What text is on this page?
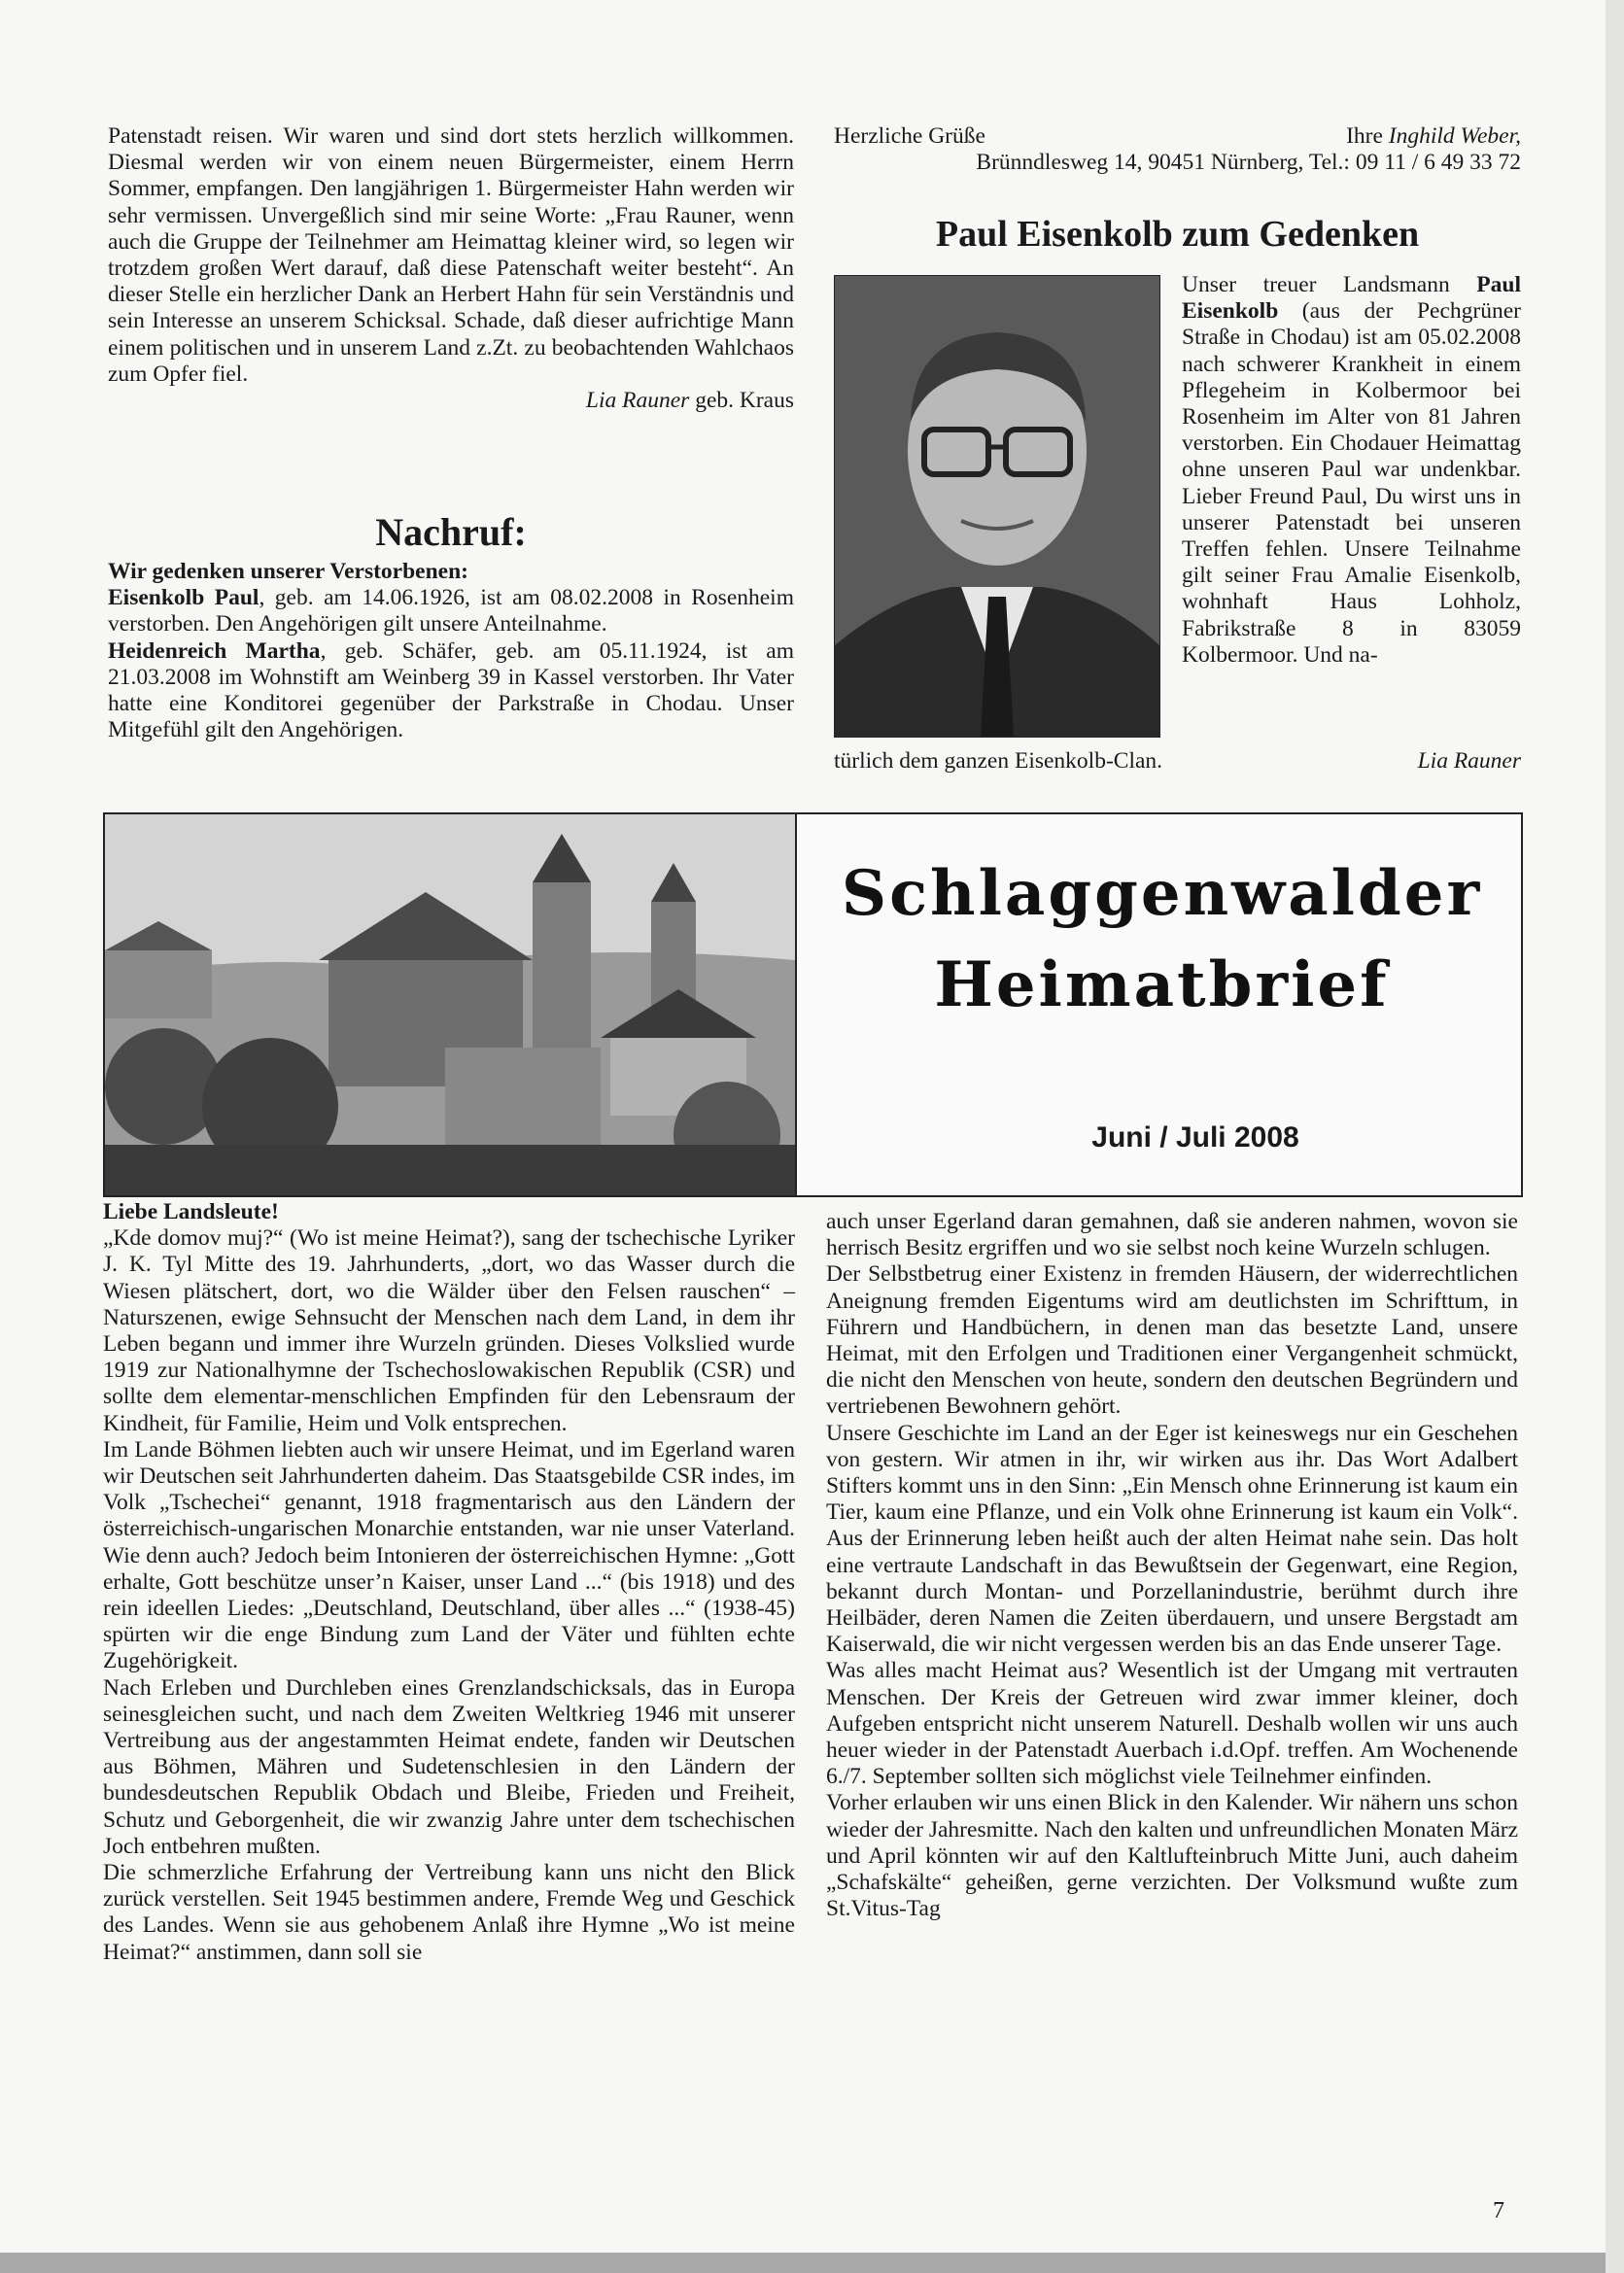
Patenstadt reisen. Wir waren und sind dort stets herzlich willkommen. Diesmal werden wir von einem neuen Bürgermeister, einem Herrn Sommer, empfangen. Den langjährigen 1. Bürgermeister Hahn werden wir sehr vermissen. Unvergeßlich sind mir seine Worte: „Frau Rauner, wenn auch die Gruppe der Teilnehmer am Heimattag kleiner wird, so legen wir trotzdem großen Wert darauf, daß diese Patenschaft weiter besteht“. An dieser Stelle ein herzlicher Dank an Herbert Hahn für sein Verständnis und sein Interesse an unserem Schicksal. Schade, daß dieser aufrichtige Mann einem politischen und in unserem Land z.Zt. zu beobachtenden Wahlchaos zum Opfer fiel.

Lia Rauner geb. Kraus

Nachruf:

Wir gedenken unserer Verstorbenen:

Eisenkolb Paul, geb. am 14.06.1926, ist am 08.02.2008 in Rosenheim verstorben. Den Angehörigen gilt unsere Anteilnahme.

Heidenreich Martha, geb. Schäfer, geb. am 05.11.1924, ist am 21.03.2008 im Wohnstift am Weinberg 39 in Kassel verstorben. Ihr Vater hatte eine Konditorei gegenüber der Parkstraße in Chodau. Unser Mitgefühl gilt den Angehörigen.

Herzliche Grüße	Ihre Inghild Weber,

Brünndlesweg 14, 90451 Nürnberg, Tel.: 09 11 / 6 49 33 72

Paul Eisenkolb zum Gedenken

Unser treuer Landsmann Paul Eisenkolb (aus der Pechgrüner Straße in Chodau) ist am 05.02.2008 nach schwerer Krankheit in einem Pflegeheim in Kolbermoor bei Rosenheim im Alter von 81 Jahren verstorben. Ein Chodauer Heimattag ohne unseren Paul war undenkbar. Lieber Freund Paul, Du wirst uns in unserer Patenstadt bei unseren Treffen fehlen. Unsere Teilnahme gilt seiner Frau Amalie Eisenkolb, wohnhaft Haus Lohholz, Fabrikstraße 8 in 83059 Kolbermoor. Und na-

türlich dem ganzen Eisenkolb-Clan.	Lia Rauner
Schlaggenwalder
Heimatbrief
Juni / Juli 2008

Liebe Landsleute!

„Kde domov muj?“ (Wo ist meine Heimat?), sang der tschechische Lyriker J. K. Tyl Mitte des 19. Jahrhunderts, „dort, wo das Wasser durch die Wiesen plätschert, dort, wo die Wälder über den Felsen rauschen“ – Naturszenen, ewige Sehnsucht der Menschen nach dem Land, in dem ihr Leben begann und immer ihre Wurzeln gründen. Dieses Volkslied wurde 1919 zur Nationalhymne der Tschechoslowakischen Republik (CSR) und sollte dem elementar-menschlichen Empfinden für den Lebensraum der Kindheit, für Familie, Heim und Volk entsprechen.

Im Lande Böhmen liebten auch wir unsere Heimat, und im Egerland waren wir Deutschen seit Jahrhunderten daheim. Das Staatsgebilde CSR indes, im Volk „Tschechei“ genannt, 1918 fragmentarisch aus den Ländern der österreichisch-ungarischen Monarchie entstanden, war nie unser Vaterland. Wie denn auch? Jedoch beim Intonieren der österreichischen Hymne: „Gott erhalte, Gott beschütze unser’n Kaiser, unser Land ...“ (bis 1918) und des rein ideellen Liedes: „Deutschland, Deutschland, über alles ...“ (1938-45) spürten wir die enge Bindung zum Land der Väter und fühlten echte Zugehörigkeit.

Nach Erleben und Durchleben eines Grenzlandschicksals, das in Europa seinesgleichen sucht, und nach dem Zweiten Weltkrieg 1946 mit unserer Vertreibung aus der angestammten Heimat endete, fanden wir Deutschen aus Böhmen, Mähren und Sudetenschlesien in den Ländern der bundesdeutschen Republik Obdach und Bleibe, Frieden und Freiheit, Schutz und Geborgenheit, die wir zwanzig Jahre unter dem tschechischen Joch entbehren mußten.

Die schmerzliche Erfahrung der Vertreibung kann uns nicht den Blick zurück verstellen. Seit 1945 bestimmen andere, Fremde Weg und Geschick des Landes. Wenn sie aus gehobenem Anlaß ihre Hymne „Wo ist meine Heimat?“ anstimmen, dann soll sie

auch unser Egerland daran gemahnen, daß sie anderen nahmen, wovon sie herrisch Besitz ergriffen und wo sie selbst noch keine Wurzeln schlugen.

Der Selbstbetrug einer Existenz in fremden Häusern, der widerrechtlichen Aneignung fremden Eigentums wird am deutlichsten im Schrifttum, in Führern und Handbüchern, in denen man das besetzte Land, unsere Heimat, mit den Erfolgen und Traditionen einer Vergangenheit schmückt, die nicht den Menschen von heute, sondern den deutschen Begründern und vertriebenen Bewohnern gehört.

Unsere Geschichte im Land an der Eger ist keineswegs nur ein Geschehen von gestern. Wir atmen in ihr, wir wirken aus ihr. Das Wort Adalbert Stifters kommt uns in den Sinn: „Ein Mensch ohne Erinnerung ist kaum ein Tier, kaum eine Pflanze, und ein Volk ohne Erinnerung ist kaum ein Volk“. Aus der Erinnerung leben heißt auch der alten Heimat nahe sein. Das holt eine vertraute Landschaft in das Bewußtsein der Gegenwart, eine Region, bekannt durch Montan- und Porzellanindustrie, berühmt durch ihre Heilbäder, deren Namen die Zeiten überdauern, und unsere Bergstadt am Kaiserwald, die wir nicht vergessen werden bis an das Ende unserer Tage.

Was alles macht Heimat aus? Wesentlich ist der Umgang mit vertrauten Menschen. Der Kreis der Getreuen wird zwar immer kleiner, doch Aufgeben entspricht nicht unserem Naturell. Deshalb wollen wir uns auch heuer wieder in der Patenstadt Auerbach i.d.Opf. treffen. Am Wochenende 6./7. September sollten sich möglichst viele Teilnehmer einfinden.

Vorher erlauben wir uns einen Blick in den Kalender. Wir nähern uns schon wieder der Jahresmitte. Nach den kalten und unfreundlichen Monaten März und April könnten wir auf den Kaltlufteinbruch Mitte Juni, auch daheim „Schafskälte“ geheißen, gerne verzichten. Der Volksmund wußte zum St.Vitus-Tag

7
